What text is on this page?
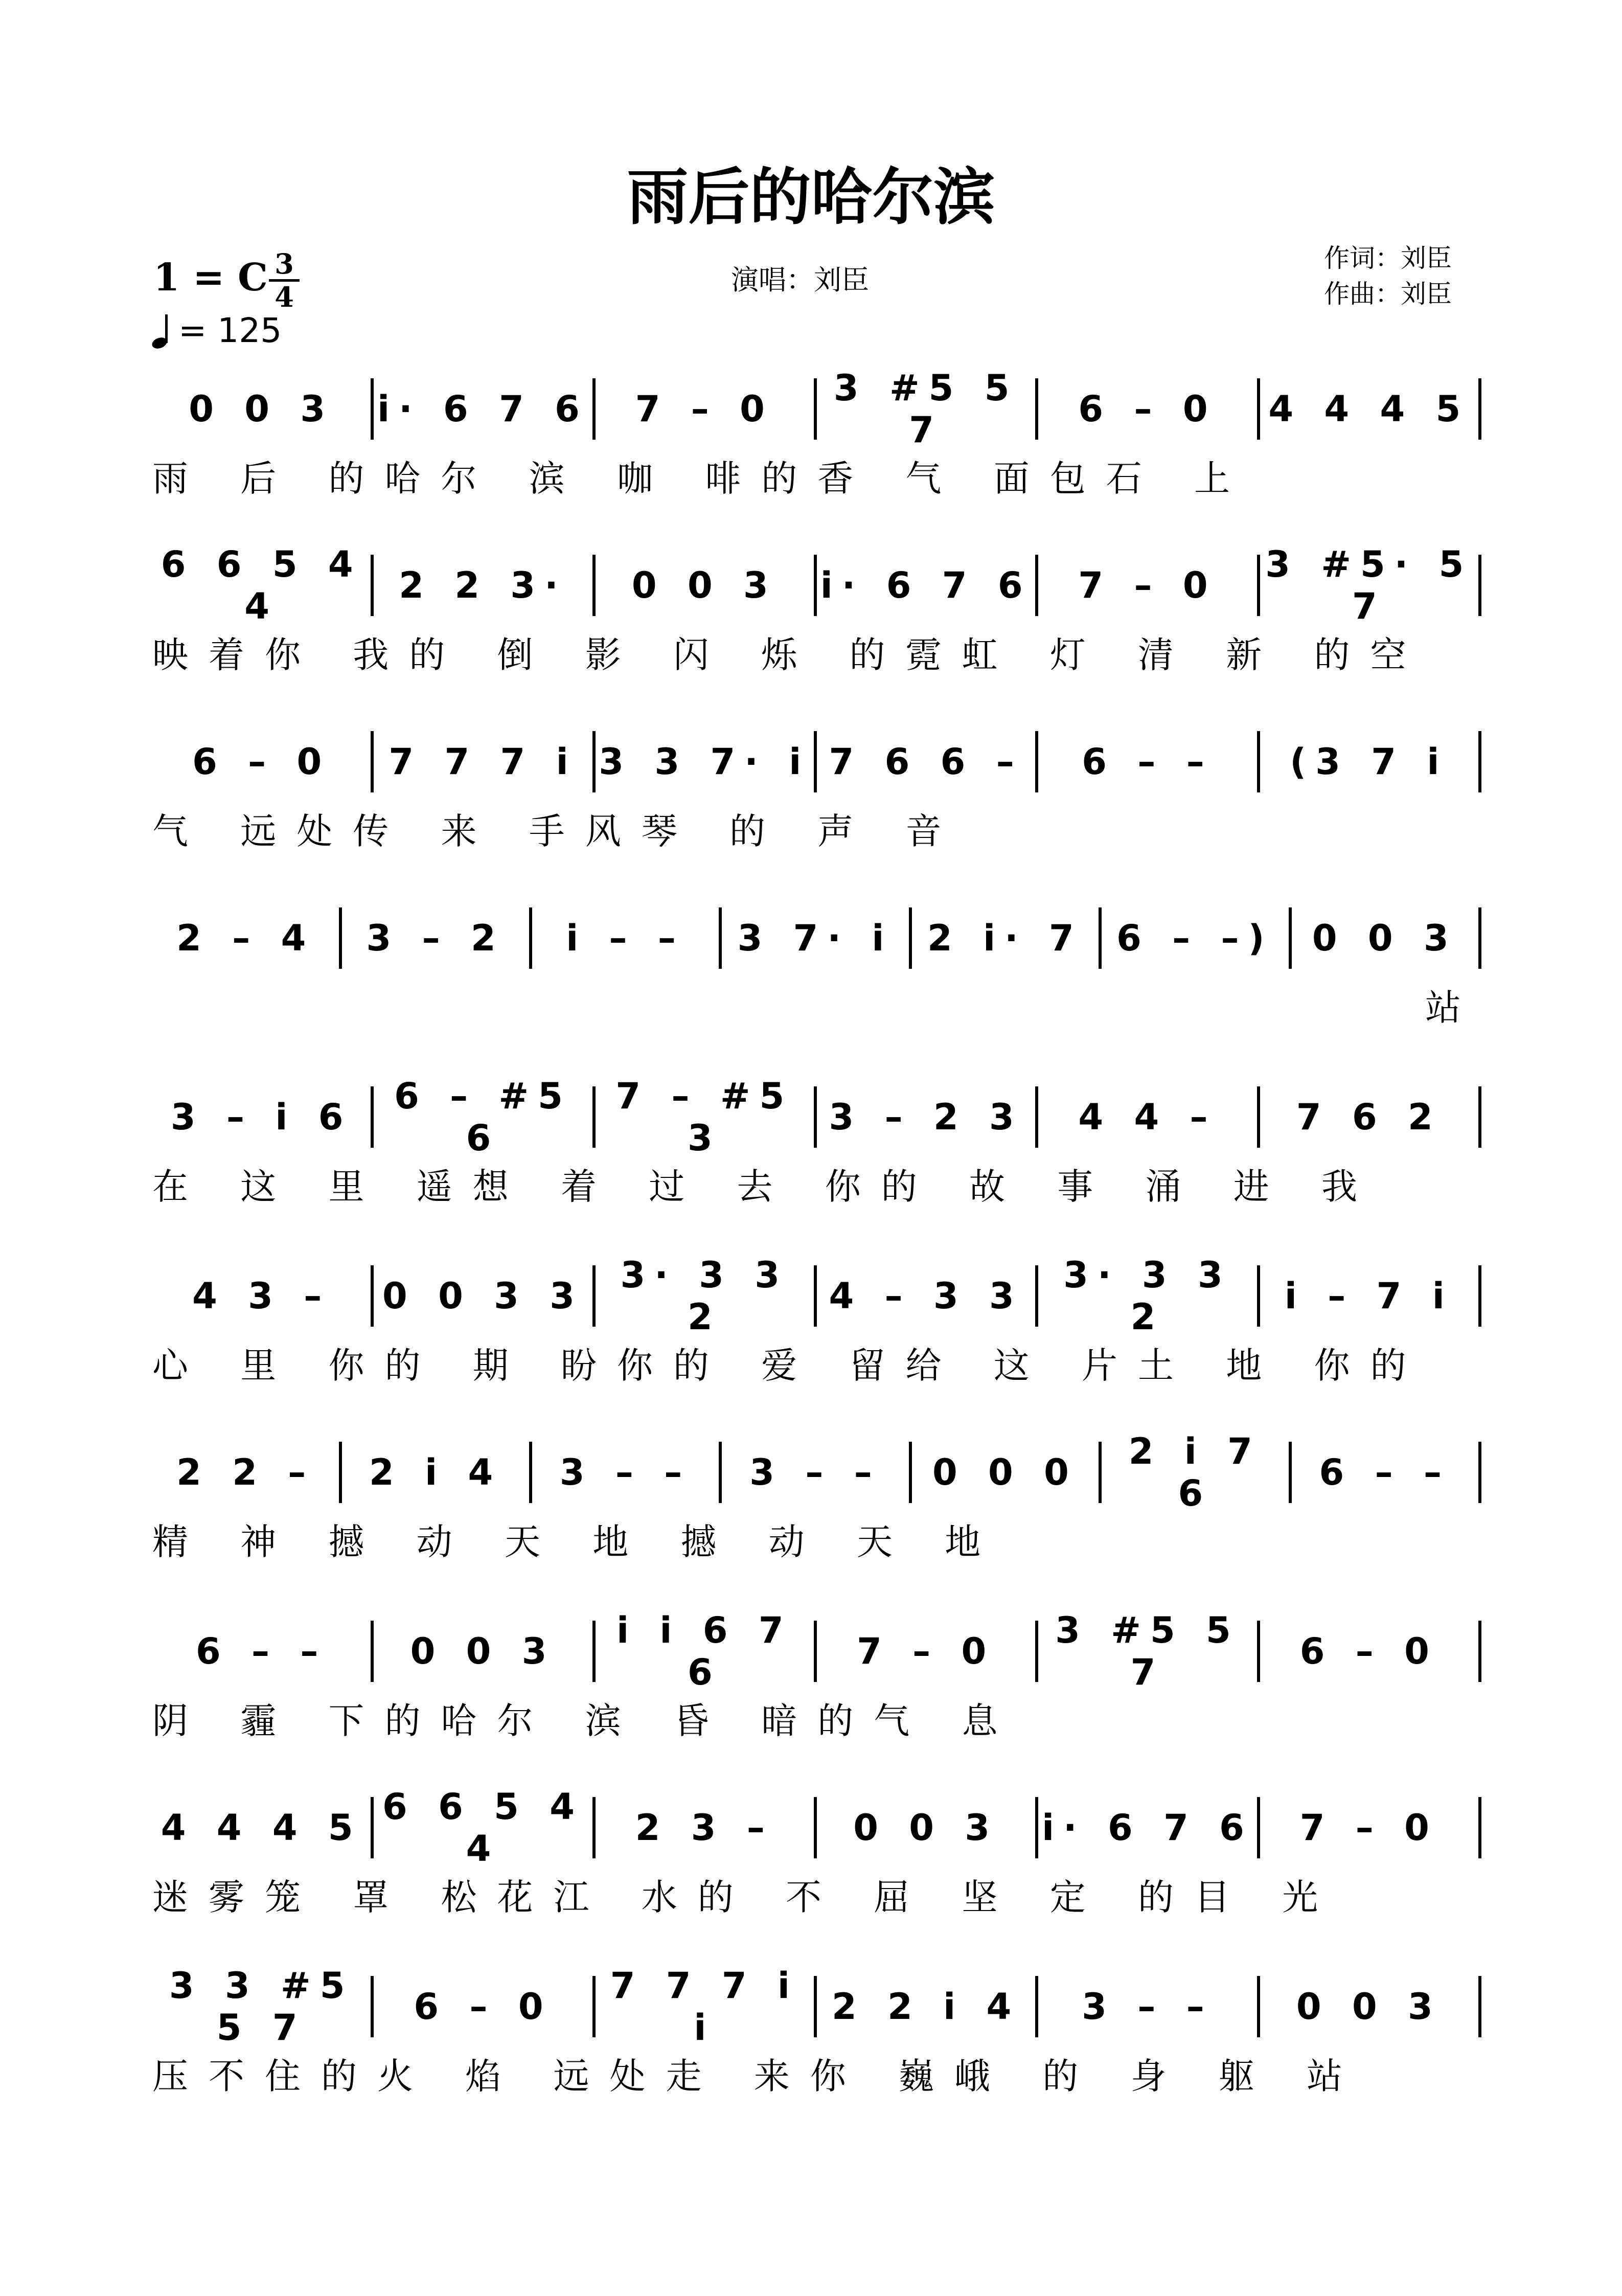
雨后的哈尔滨
1 = C 3
4
= 125
演唱：刘臣
作词：刘臣
作曲：刘臣
0 0 3	i· 6 7 6	7 – 0	3 #5 5 7	6 – 0	4 4 4 5
雨 后 的哈尔 滨 咖 啡的香 气 面包石 上
6 6 5 4 4	2 2 3·	0 0 3	i· 6 7 6	7 – 0	3 #5· 5 7
映着你 我的 倒 影 闪 烁 的霓虹 灯 清 新 的空
6 – 0	7 7 7 i 3 3 7· i 7 6 6 –	6 – –	(3 7 i
气 远处传 来 手风琴 的 声 音
2 – 4	3 – 2	i – –	3 7· i 2 i· 7 6 – –)	0 0 3
站
3 – i 6	6 – #5 6
7 – #5 3	3 – 2 3	4 4 –	7 6 2
在 这 里 遥想 着 过 去 你的 故 事 涌 进 我
4 3 –	0 0 3 3	3· 3 3 2	4 – 3 3	3· 3 3 2	i – 7 i
心 里 你的 期 盼你的 爱 留给 这 片土 地 你的
2 2 –	2 i 4	3 – –	3 – –	0 0 0	2 i 7 6	6 – –
精 神 撼 动 天 地 撼 动 天 地
6 – –	0 0 3	i i 6 7 6	7 – 0	3 #5 5 7	6 – 0
阴 霾 下的哈尔 滨 昏 暗的气 息
4 4 4 5 6 6 5 4 4	2 3 –	0 0 3	i· 6 7 6	7 – 0
迷雾笼 罩 松花江 水的 不 屈 坚 定 的目 光
3 3 #5 5 7	6 – 0	7 7 7 i i	2 2 i 4	3 – –	0 0 3
压不住的火 焰 远处走 来你 巍峨 的 身 躯 站
